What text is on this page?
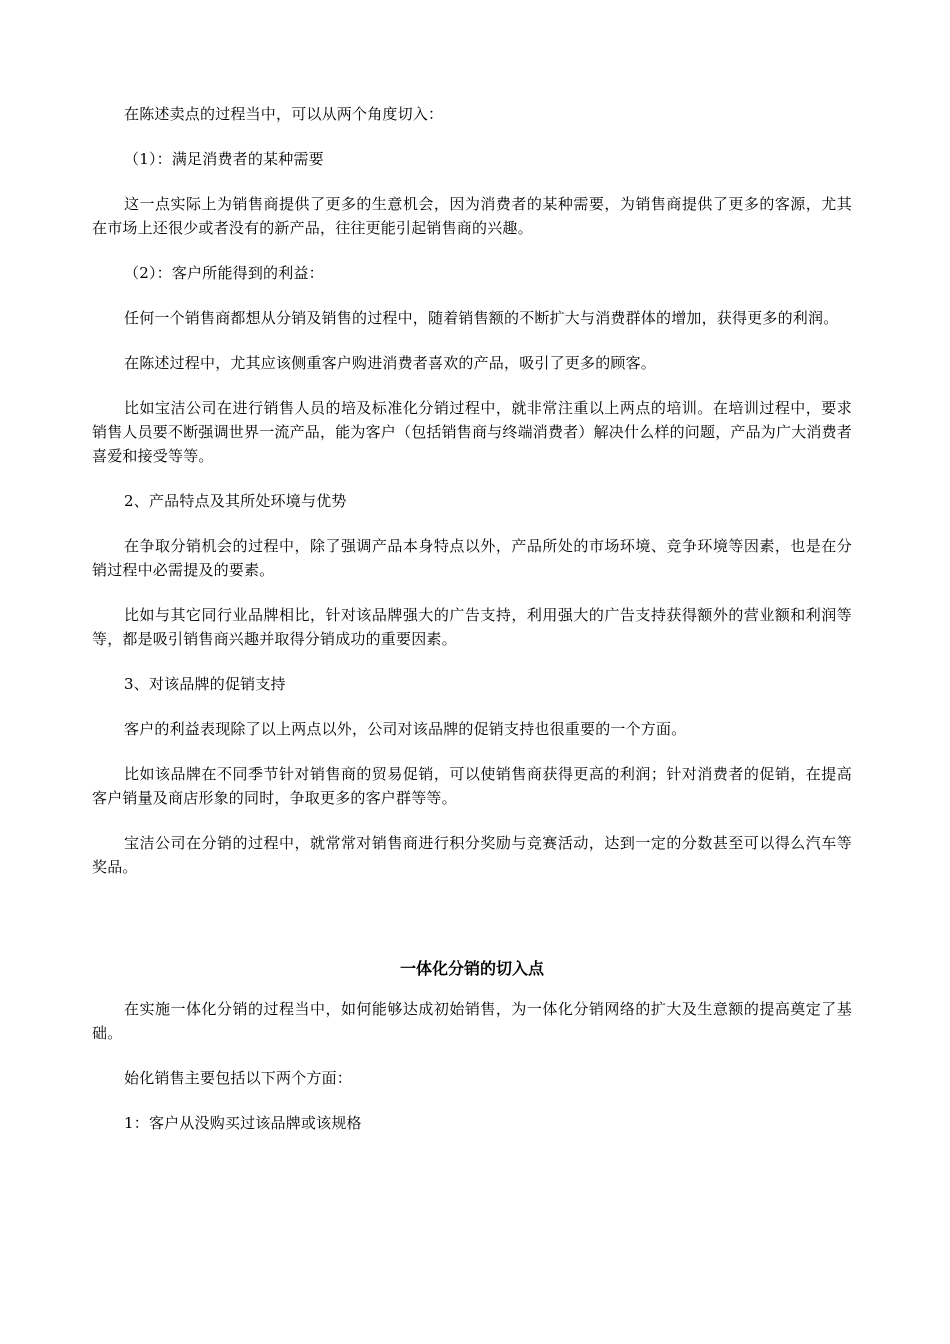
在陈述卖点的过程当中，可以从两个角度切入：

（1）：满足消费者的某种需要

这一点实际上为销售商提供了更多的生意机会，因为消费者的某种需要，为销售商提供了更多的客源，尤其在市场上还很少或者没有的新产品，往往更能引起销售商的兴趣。

（2）：客户所能得到的利益：

任何一个销售商都想从分销及销售的过程中，随着销售额的不断扩大与消费群体的增加，获得更多的利润。

在陈述过程中，尤其应该侧重客户购进消费者喜欢的产品，吸引了更多的顾客。

比如宝洁公司在进行销售人员的培及标准化分销过程中，就非常注重以上两点的培训。在培训过程中，要求销售人员要不断强调世界一流产品，能为客户（包括销售商与终端消费者）解决什么样的问题，产品为广大消费者喜爱和接受等等。

2、产品特点及其所处环境与优势

在争取分销机会的过程中，除了强调产品本身特点以外，产品所处的市场环境、竞争环境等因素，也是在分销过程中必需提及的要素。

比如与其它同行业品牌相比，针对该品牌强大的广告支持，利用强大的广告支持获得额外的营业额和利润等等，都是吸引销售商兴趣并取得分销成功的重要因素。

3、对该品牌的促销支持

客户的利益表现除了以上两点以外，公司对该品牌的促销支持也很重要的一个方面。

比如该品牌在不同季节针对销售商的贸易促销，可以使销售商获得更高的利润；针对消费者的促销，在提高客户销量及商店形象的同时，争取更多的客户群等等。

宝洁公司在分销的过程中，就常常对销售商进行积分奖励与竞赛活动，达到一定的分数甚至可以得么汽车等奖品。

一体化分销的切入点

在实施一体化分销的过程当中，如何能够达成初始销售，为一体化分销网络的扩大及生意额的提高奠定了基础。

始化销售主要包括以下两个方面：

1：客户从没购买过该品牌或该规格
